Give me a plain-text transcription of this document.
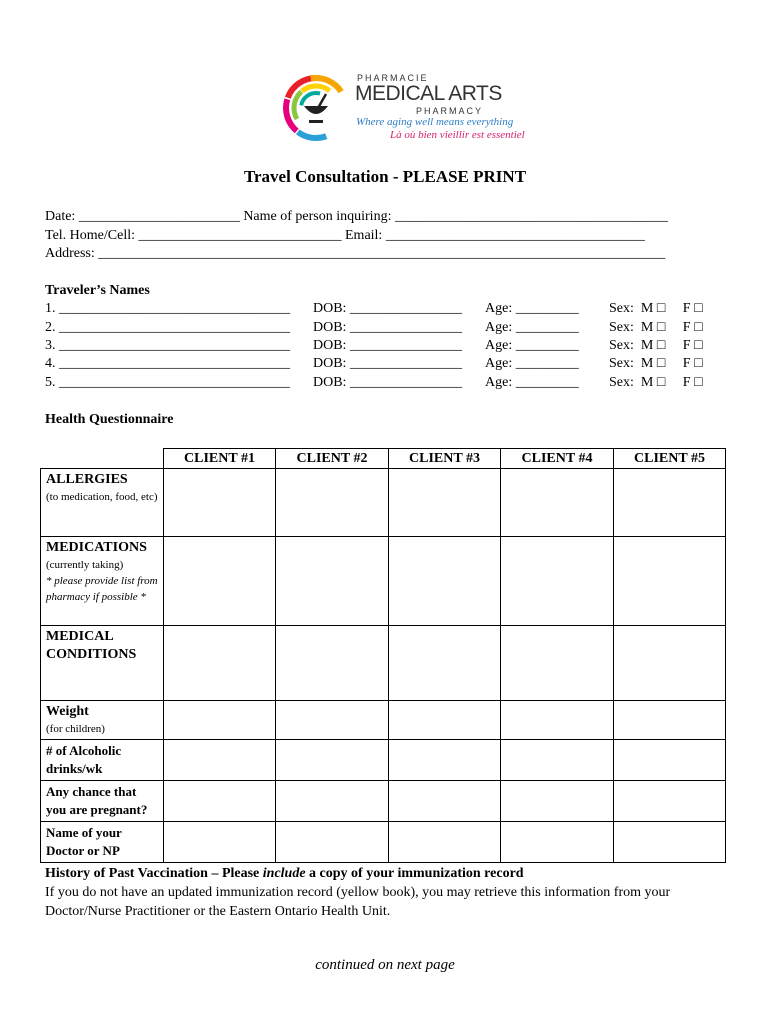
PHARMACIE
MEDICAL ARTS
PHARMACY
Where aging well means everything
Là où bien vieillir est essentiel
Travel Consultation - PLEASE PRINT
Date: _______________________ Name of person inquiring: _______________________________________
Tel. Home/Cell: _____________________________ Email: _____________________________________
Address: _________________________________________________________________________________
Traveler’s Names
1. _________________________________ DOB: ________________ Age: _________ Sex:  M □     F □
2. _________________________________ DOB: ________________ Age: _________ Sex:  M □     F □
3. _________________________________ DOB: ________________ Age: _________ Sex:  M □     F □
4. _________________________________ DOB: ________________ Age: _________ Sex:  M □     F □
5. _________________________________ DOB: ________________ Age: _________ Sex:  M □     F □
Health Questionnaire
	CLIENT #1	CLIENT #2	CLIENT #3	CLIENT #4	CLIENT #5

ALLERGIES
(to medication, food, etc)					

MEDICATIONS
(currently taking)
* please provide list from pharmacy if possible *					

MEDICAL CONDITIONS					

Weight
(for children)					

# of Alcoholic drinks/wk					

Any chance that you are pregnant?					

Name of your Doctor or NP					

History of Past Vaccination – Please include a copy of your immunization record
If you do not have an updated immunization record (yellow book), you may retrieve this information from your
Doctor/Nurse Practitioner or the Eastern Ontario Health Unit.
continued on next page
